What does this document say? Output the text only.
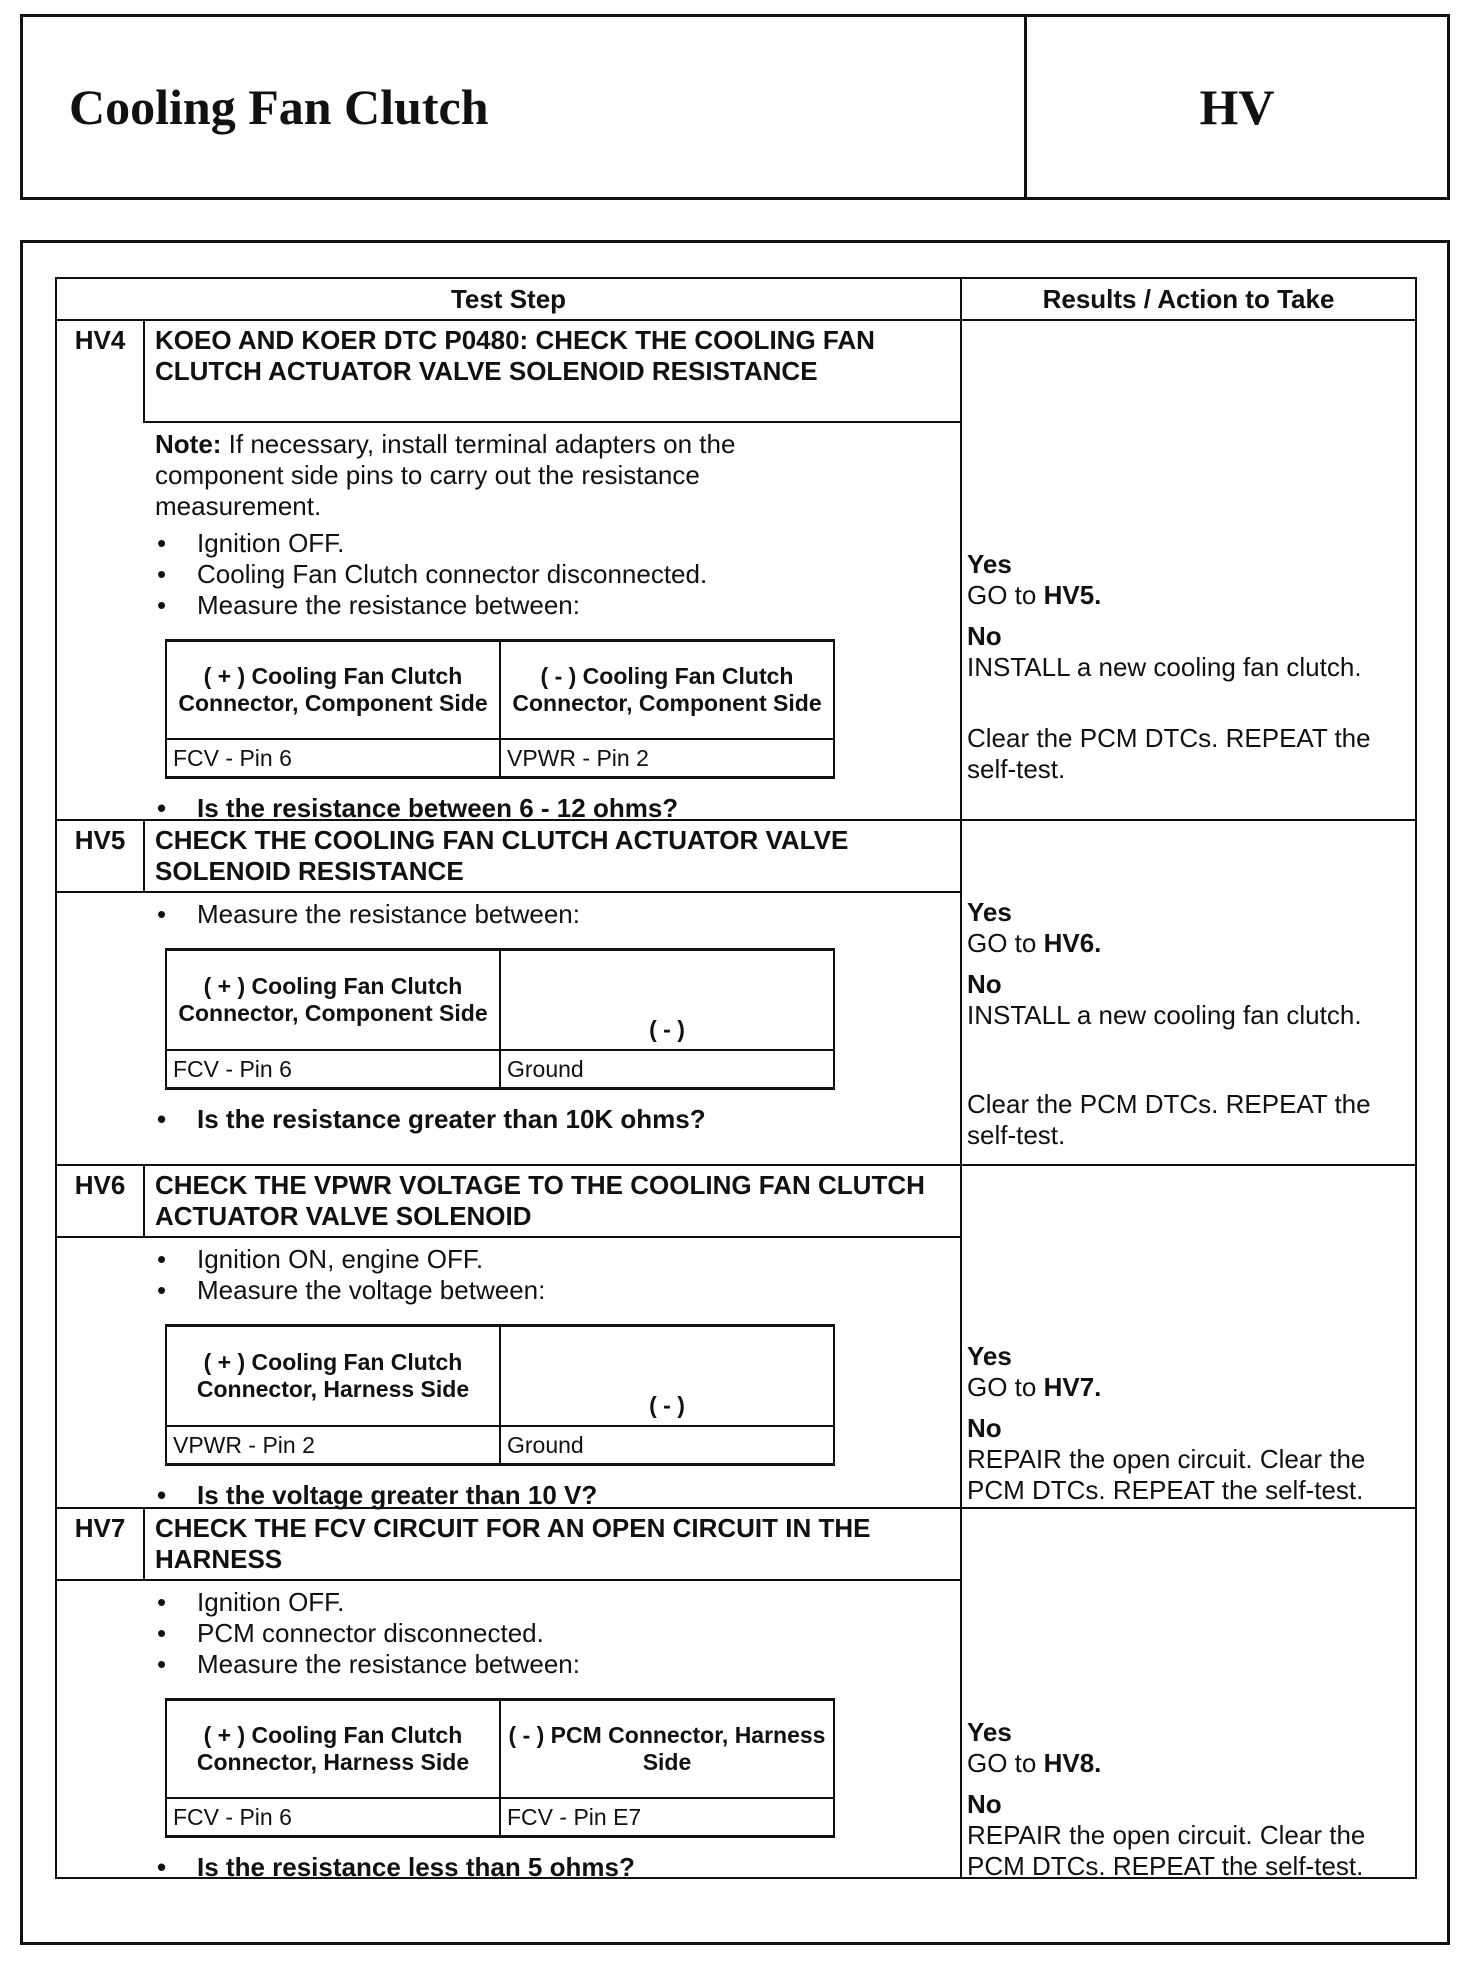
Cooling Fan Clutch	HV
Test Step	Results / Action to Take
HV4	KOEO AND KOER DTC P0480: CHECK THE COOLING FAN CLUTCH ACTUATOR VALVE SOLENOID RESISTANCE
Note: If necessary, install terminal adapters on the component side pins to carry out the resistance measurement.
• Ignition OFF.
• Cooling Fan Clutch connector disconnected.
• Measure the resistance between:
( + ) Cooling Fan Clutch Connector, Component Side	( - ) Cooling Fan Clutch Connector, Component Side
FCV - Pin 6	VPWR - Pin 2
• Is the resistance between 6 - 12 ohms?
Yes
GO to HV5.
No
INSTALL a new cooling fan clutch.
Clear the PCM DTCs. REPEAT the self-test.
HV5	CHECK THE COOLING FAN CLUTCH ACTUATOR VALVE SOLENOID RESISTANCE
• Measure the resistance between:
( + ) Cooling Fan Clutch Connector, Component Side	( - )
FCV - Pin 6	Ground
• Is the resistance greater than 10K ohms?
Yes
GO to HV6.
No
INSTALL a new cooling fan clutch.
Clear the PCM DTCs. REPEAT the self-test.
HV6	CHECK THE VPWR VOLTAGE TO THE COOLING FAN CLUTCH ACTUATOR VALVE SOLENOID
• Ignition ON, engine OFF.
• Measure the voltage between:
( + ) Cooling Fan Clutch Connector, Harness Side	( - )
VPWR - Pin 2	Ground
• Is the voltage greater than 10 V?
Yes
GO to HV7.
No
REPAIR the open circuit. Clear the PCM DTCs. REPEAT the self-test.
HV7	CHECK THE FCV CIRCUIT FOR AN OPEN CIRCUIT IN THE HARNESS
• Ignition OFF.
• PCM connector disconnected.
• Measure the resistance between:
( + ) Cooling Fan Clutch Connector, Harness Side	( - ) PCM Connector, Harness Side
FCV - Pin 6	FCV - Pin E7
• Is the resistance less than 5 ohms?
Yes
GO to HV8.
No
REPAIR the open circuit. Clear the PCM DTCs. REPEAT the self-test.
